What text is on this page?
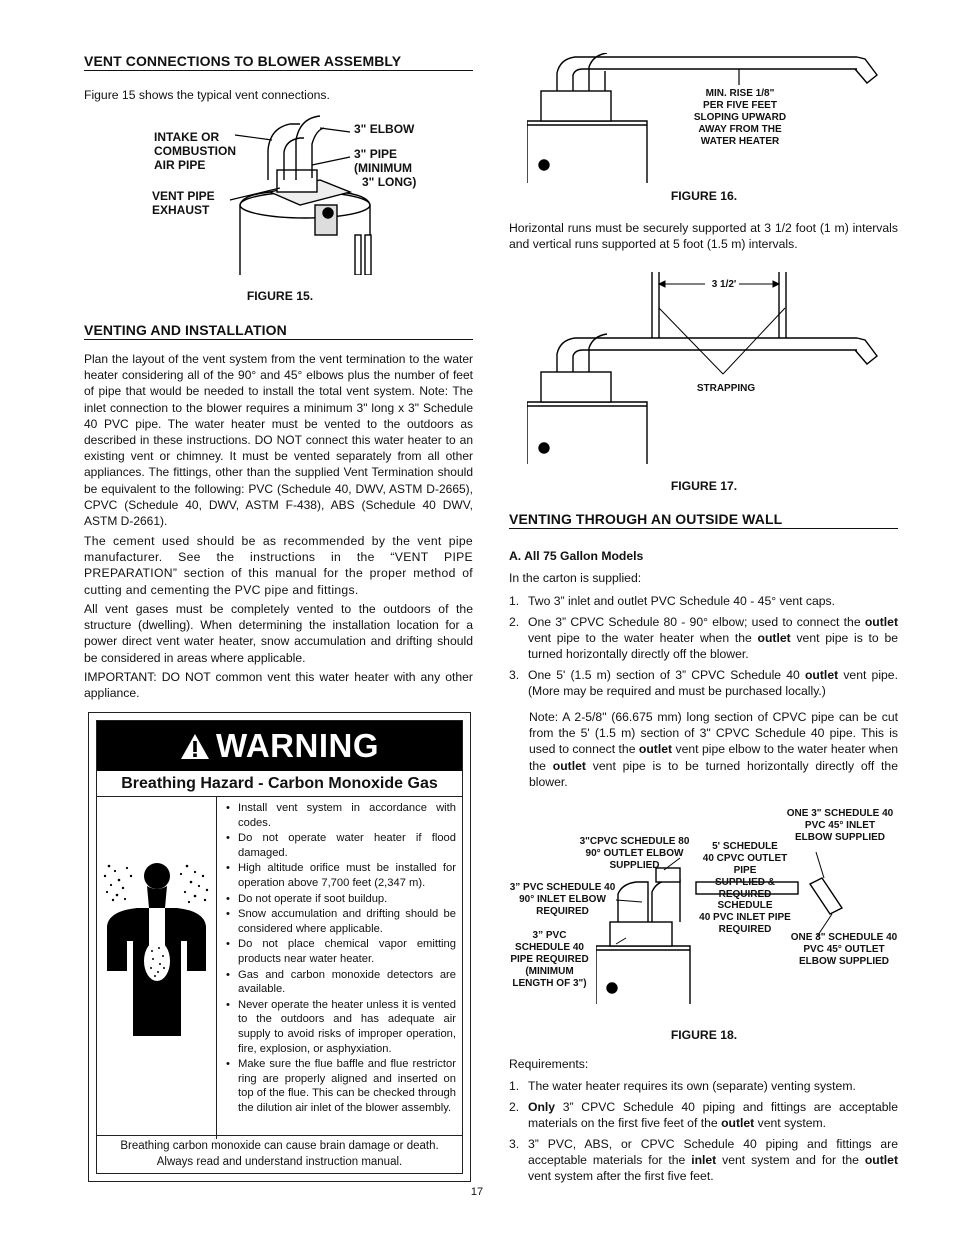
VENT CONNECTIONS TO BLOWER ASSEMBLY

Figure 15 shows the typical vent connections.

INTAKE OR
COMBUSTION
AIR PIPE
VENT PIPE
EXHAUST
3" ELBOW
3" PIPE
(MINIMUM
3" LONG)
FIGURE 15.
VENTING AND INSTALLATION

Plan the layout of the vent system from the vent termination to the water heater considering all of the 90° and 45° elbows plus the number of feet of pipe that would be needed to install the total vent system. Note: The inlet connection to the blower requires a minimum 3" long x 3" Schedule 40 PVC pipe. The water heater must be vented to the outdoors as described in these instructions. DO NOT connect this water heater to an existing vent or chimney. It must be vented separately from all other appliances. The fittings, other than the supplied Vent Termination should be equivalent to the following: PVC (Schedule 40, DWV, ASTM D-2665), CPVC (Schedule 40, DWV, ASTM F-438), ABS (Schedule 40 DWV, ASTM D-2661).

The cement used should be as recommended by the vent pipe manufacturer. See the instructions in the “VENT PIPE PREPARATION” section of this manual for the proper method of cutting and cementing the PVC pipe and fittings.

All vent gases must be completely vented to the outdoors of the structure (dwelling). When determining the installation location for a power direct vent water heater, snow accumulation and drifting should be considered in areas where applicable.

IMPORTANT: DO NOT common vent this water heater with any other appliance.

WARNING
Breathing Hazard - Carbon Monoxide Gas
• Install vent system in accordance with codes.
• Do not operate water heater if flood damaged.
• High altitude orifice must be installed for operation above 7,700 feet (2,347 m).
• Do not operate if soot buildup.
• Snow accumulation and drifting should be considered where applicable.
• Do not place chemical vapor emitting products near water heater.
• Gas and carbon monoxide detectors are available.
• Never operate the heater unless it is vented to the outdoors and has adequate air supply to avoid risks of improper operation, fire, explosion, or asphyxiation.
• Make sure the flue baffle and flue restrictor ring are properly aligned and inserted on top of the flue. This can be checked through the dilution air inlet of the blower assembly.
Breathing carbon monoxide can cause brain damage or death.
Always read and understand instruction manual.
MIN. RISE 1/8"
PER FIVE FEET
SLOPING UPWARD
AWAY FROM THE
WATER HEATER
FIGURE 16.

Horizontal runs must be securely supported at 3 1/2 foot (1 m) intervals and vertical runs supported at 5 foot (1.5 m) intervals.

3 1/2'
STRAPPING
FIGURE 17.
VENTING THROUGH AN OUTSIDE WALL
A. All 75 Gallon Models
In the carton is supplied:
1. Two 3” inlet and outlet PVC Schedule 40 - 45° vent caps.
2. One 3” CPVC Schedule 80 - 90° elbow; used to connect the outlet vent pipe to the water heater when the outlet vent pipe is to be turned horizontally directly off the blower.
3. One 5' (1.5 m) section of 3” CPVC Schedule 40 outlet vent pipe. (More may be required and must be purchased locally.)

Note: A 2-5/8" (66.675 mm) long section of CPVC pipe can be cut from the 5' (1.5 m) section of 3" CPVC Schedule 40 pipe. This is used to connect the outlet vent pipe elbow to the water heater when the outlet vent pipe is to be turned horizontally directly off the blower.

ONE 3" SCHEDULE 40
PVC 45° INLET
ELBOW SUPPLIED
3"CPVC SCHEDULE 80
90° OUTLET ELBOW
SUPPLIED
5' SCHEDULE
40 CPVC OUTLET PIPE
SUPPLIED & REQUIRED
3” PVC SCHEDULE 40
90° INLET ELBOW
REQUIRED
SCHEDULE
40 PVC INLET PIPE
REQUIRED
3” PVC
SCHEDULE 40
PIPE REQUIRED
(MINIMUM
LENGTH OF 3")
ONE 3" SCHEDULE 40
PVC 45° OUTLET
ELBOW SUPPLIED
FIGURE 18.
Requirements:
1. The water heater requires its own (separate) venting system.
2. Only 3” CPVC Schedule 40 piping and fittings are acceptable materials on the first five feet of the outlet vent system.
3. 3” PVC, ABS, or CPVC Schedule 40 piping and fittings are acceptable materials for the inlet vent system and for the outlet vent system after the first five feet.
17
